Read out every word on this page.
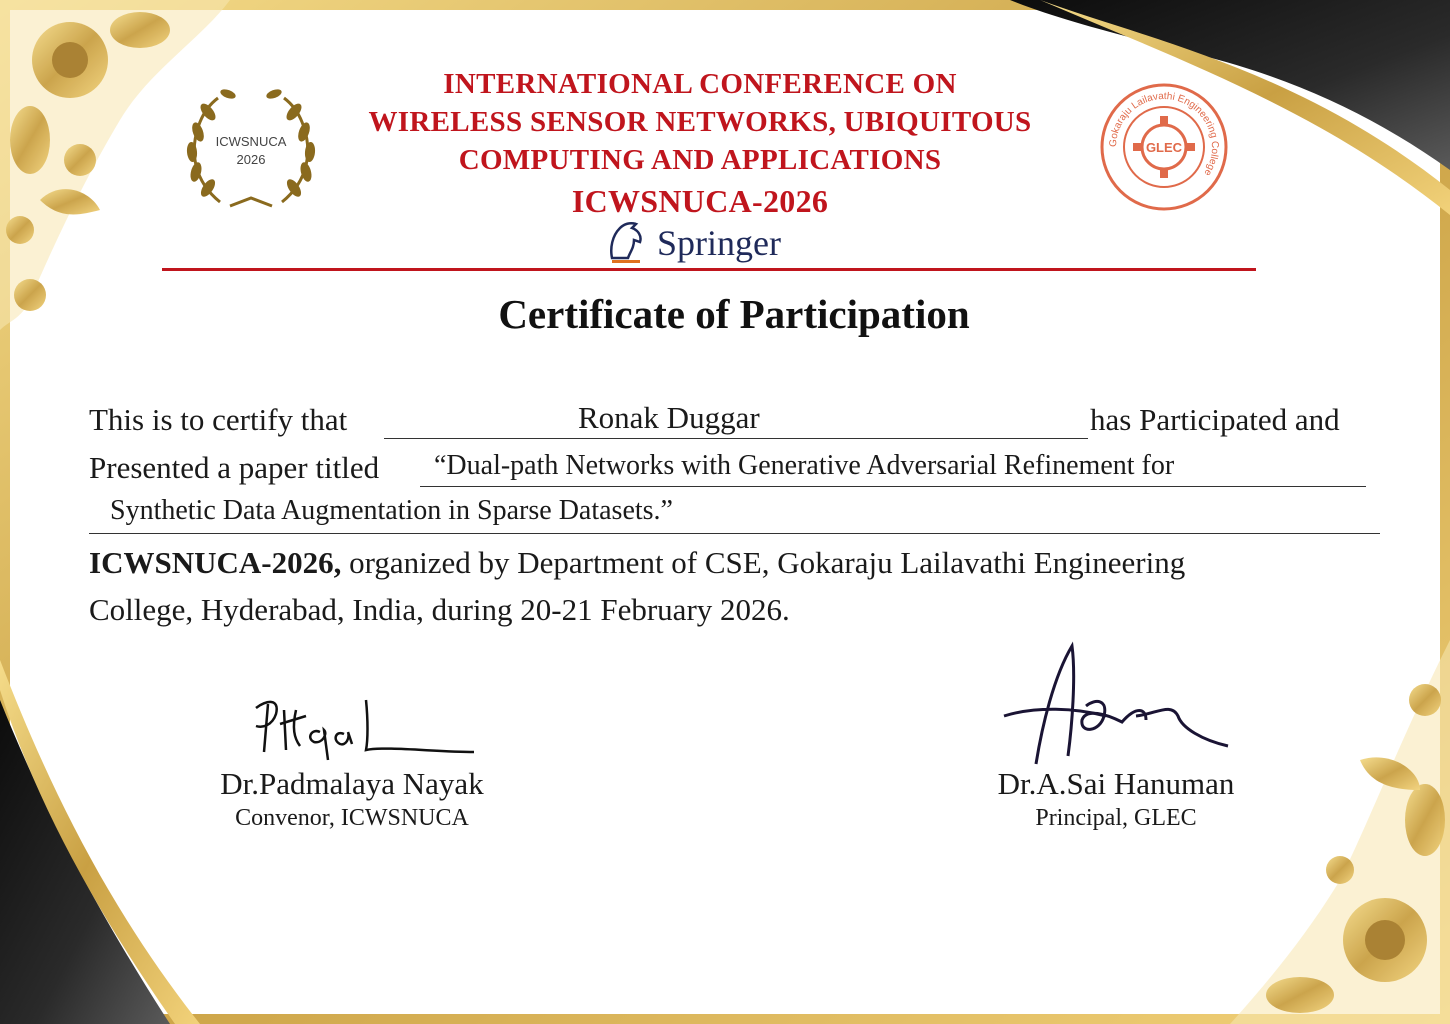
ICWSNUCA
2026
Gokaraju Lailavathi Engineering College
GLEC
INTERNATIONAL CONFERENCE ON
WIRELESS SENSOR NETWORKS, UBIQUITOUS
COMPUTING AND APPLICATIONS
ICWSNUCA-2026
Springer
Certificate of Participation
This is to certify that	Ronak Duggar	has Participated and
Presented a paper titled “Dual-path Networks with Generative Adversarial Refinement for
Synthetic Data Augmentation in Sparse Datasets.”
ICWSNUCA-2026, organized by Department of CSE, Gokaraju Lailavathi Engineering
College, Hyderabad, India, during 20-21 February 2026.
Dr.Padmalaya Nayak
Convenor, ICWSNUCA
Dr.A.Sai Hanuman
Principal, GLEC
